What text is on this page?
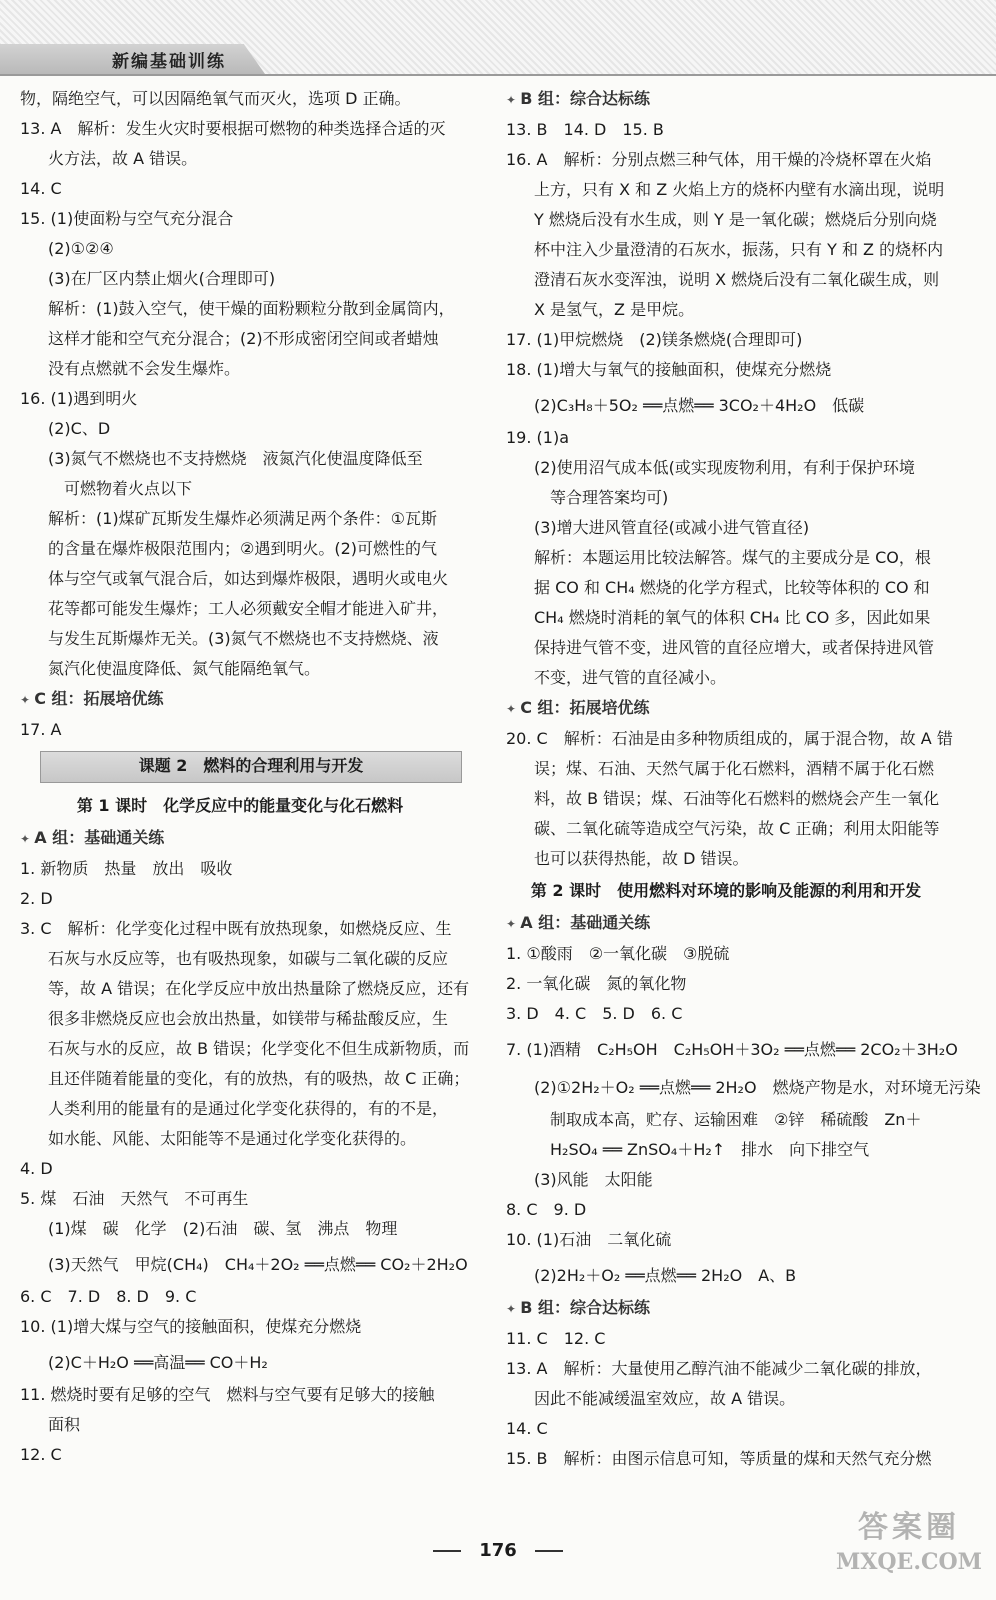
新编基础训练
物，隔绝空气，可以因隔绝氧气而灭火，选项 D 正确。
13. A　解析：发生火灾时要根据可燃物的种类选择合适的灭
火方法，故 A 错误。
14. C
15. (1)使面粉与空气充分混合
(2)①②④
(3)在厂区内禁止烟火(合理即可)
解析：(1)鼓入空气，使干燥的面粉颗粒分散到金属筒内，
这样才能和空气充分混合；(2)不形成密闭空间或者蜡烛
没有点燃就不会发生爆炸。
16. (1)遇到明火
(2)C、D
(3)氮气不燃烧也不支持燃烧　液氮汽化使温度降低至
　可燃物着火点以下
解析：(1)煤矿瓦斯发生爆炸必须满足两个条件：①瓦斯
的含量在爆炸极限范围内；②遇到明火。(2)可燃性的气
体与空气或氧气混合后，如达到爆炸极限，遇明火或电火
花等都可能发生爆炸；工人必须戴安全帽才能进入矿井，
与发生瓦斯爆炸无关。(3)氮气不燃烧也不支持燃烧、液
氮汽化使温度降低、氮气能隔绝氧气。
✦ C 组：拓展培优练
17. A
课题 2　燃料的合理利用与开发
第 1 课时　化学反应中的能量变化与化石燃料
✦ A 组：基础通关练
1. 新物质　热量　放出　吸收
2. D
3. C　解析：化学变化过程中既有放热现象，如燃烧反应、生
石灰与水反应等，也有吸热现象，如碳与二氧化碳的反应
等，故 A 错误；在化学反应中放出热量除了燃烧反应，还有
很多非燃烧反应也会放出热量，如镁带与稀盐酸反应，生
石灰与水的反应，故 B 错误；化学变化不但生成新物质，而
且还伴随着能量的变化，有的放热，有的吸热，故 C 正确；
人类利用的能量有的是通过化学变化获得的，有的不是，
如水能、风能、太阳能等不是通过化学变化获得的。
4. D
5. 煤　石油　天然气　不可再生
(1)煤　碳　化学　(2)石油　碳、氢　沸点　物理
(3)天然气　甲烷(CH₄)　CH₄＋2O₂ ══点燃══ CO₂＋2H₂O
6. C　7. D　8. D　9. C
10. (1)增大煤与空气的接触面积，使煤充分燃烧
(2)C＋H₂O ══高温══ CO＋H₂
11. 燃烧时要有足够的空气　燃料与空气要有足够大的接触
面积
12. C
✦ B 组：综合达标练
13. B　14. D　15. B
16. A　解析：分别点燃三种气体，用干燥的冷烧杯罩在火焰
上方，只有 X 和 Z 火焰上方的烧杯内壁有水滴出现，说明
Y 燃烧后没有水生成，则 Y 是一氧化碳；燃烧后分别向烧
杯中注入少量澄清的石灰水，振荡，只有 Y 和 Z 的烧杯内
澄清石灰水变浑浊，说明 X 燃烧后没有二氧化碳生成，则
X 是氢气，Z 是甲烷。
17. (1)甲烷燃烧　(2)镁条燃烧(合理即可)
18. (1)增大与氧气的接触面积，使煤充分燃烧
(2)C₃H₈＋5O₂ ══点燃══ 3CO₂＋4H₂O　低碳
19. (1)a
(2)使用沼气成本低(或实现废物利用，有利于保护环境
　等合理答案均可)
(3)增大进风管直径(或减小进气管直径)
解析：本题运用比较法解答。煤气的主要成分是 CO，根
据 CO 和 CH₄ 燃烧的化学方程式，比较等体积的 CO 和
CH₄ 燃烧时消耗的氧气的体积 CH₄ 比 CO 多，因此如果
保持进气管不变，进风管的直径应增大，或者保持进风管
不变，进气管的直径减小。
✦ C 组：拓展培优练
20. C　解析：石油是由多种物质组成的，属于混合物，故 A 错
误；煤、石油、天然气属于化石燃料，酒精不属于化石燃
料，故 B 错误；煤、石油等化石燃料的燃烧会产生一氧化
碳、二氧化硫等造成空气污染，故 C 正确；利用太阳能等
也可以获得热能，故 D 错误。
第 2 课时　使用燃料对环境的影响及能源的利用和开发
✦ A 组：基础通关练
1. ①酸雨　②一氧化碳　③脱硫
2. 一氧化碳　氮的氧化物
3. D　4. C　5. D　6. C
7. (1)酒精　C₂H₅OH　C₂H₅OH＋3O₂ ══点燃══ 2CO₂＋3H₂O
(2)①2H₂＋O₂ ══点燃══ 2H₂O　燃烧产物是水，对环境无污染
　制取成本高，贮存、运输困难　②锌　稀硫酸　Zn＋
　H₂SO₄ ══ ZnSO₄＋H₂↑　排水　向下排空气
(3)风能　太阳能
8. C　9. D
10. (1)石油　二氧化硫
(2)2H₂＋O₂ ══点燃══ 2H₂O　A、B
✦ B 组：综合达标练
11. C　12. C
13. A　解析：大量使用乙醇汽油不能减少二氧化碳的排放，
因此不能减缓温室效应，故 A 错误。
14. C
15. B　解析：由图示信息可知，等质量的煤和天然气充分燃
176
答案圈
MXQE.COM
